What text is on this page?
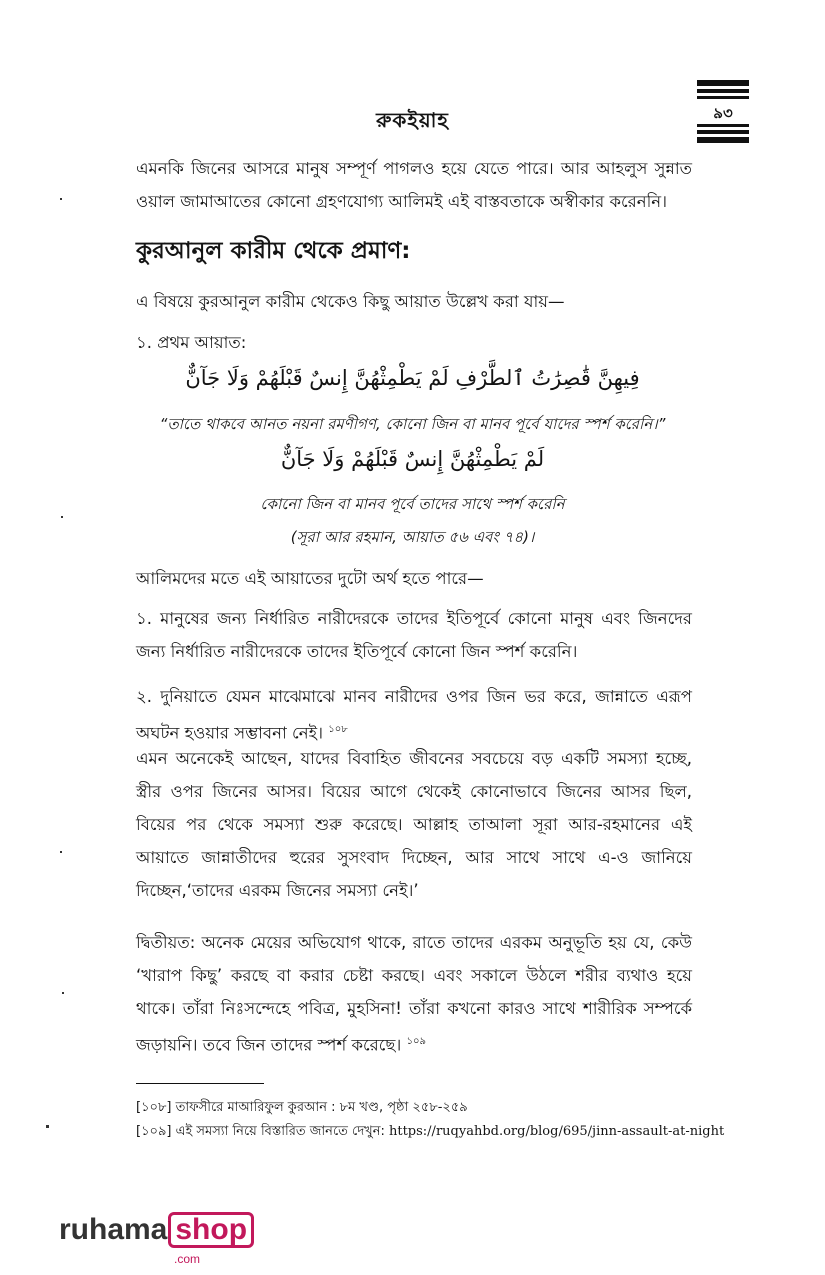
৯৩
রুকইয়াহ
এমনকি জিনের আসরে মানুষ সম্পূর্ণ পাগলও হয়ে যেতে পারে। আর আহলুস সুন্নাত ওয়াল জামাআতের কোনো গ্রহণযোগ্য আলিমই এই বাস্তবতাকে অস্বীকার করেননি।
কুরআনুল কারীম থেকে প্রমাণ:
এ বিষয়ে কুরআনুল কারীম থেকেও কিছু আয়াত উল্লেখ করা যায়—
১. প্রথম আয়াত:
فِيهِنَّ قَٰصِرَٰتُ ٱلطَّرْفِ لَمْ يَطْمِثْهُنَّ إِنسٌ قَبْلَهُمْ وَلَا جَآنٌّ
“তাতে থাকবে আনত নয়না রমণীগণ, কোনো জিন বা মানব পূর্বে যাদের স্পর্শ করেনি।”
لَمْ يَطْمِثْهُنَّ إِنسٌ قَبْلَهُمْ وَلَا جَآنٌّ
কোনো জিন বা মানব পূর্বে তাদের সাথে স্পর্শ করেনি
(সূরা আর রহমান, আয়াত ৫৬ এবং ৭৪)।
আলিমদের মতে এই আয়াতের দুটো অর্থ হতে পারে—
১. মানুষের জন্য নির্ধারিত নারীদেরকে তাদের ইতিপূর্বে কোনো মানুষ এবং জিনদের জন্য নির্ধারিত নারীদেরকে তাদের ইতিপূর্বে কোনো জিন স্পর্শ করেনি।
২. দুনিয়াতে যেমন মাঝেমাঝে মানব নারীদের ওপর জিন ভর করে, জান্নাতে এরূপ অঘটন হওয়ার সম্ভাবনা নেই। $^{১০৮}$
এমন অনেকেই আছেন, যাদের বিবাহিত জীবনের সবচেয়ে বড় একটি সমস্যা হচ্ছে, স্ত্রীর ওপর জিনের আসর। বিয়ের আগে থেকেই কোনোভাবে জিনের আসর ছিল, বিয়ের পর থেকে সমস্যা শুরু করেছে। আল্লাহ তাআলা সূরা আর-রহমানের এই আয়াতে জান্নাতীদের হুরের সুসংবাদ দিচ্ছেন, আর সাথে সাথে এ-ও জানিয়ে দিচ্ছেন,‘তাদের এরকম জিনের সমস্যা নেই।’
দ্বিতীয়ত: অনেক মেয়ের অভিযোগ থাকে, রাতে তাদের এরকম অনুভূতি হয় যে, কেউ ‘খারাপ কিছু’ করছে বা করার চেষ্টা করছে। এবং সকালে উঠলে শরীর ব্যথাও হয়ে থাকে। তাঁরা নিঃসন্দেহে পবিত্র, মুহসিনা! তাঁরা কখনো কারও সাথে শারীরিক সম্পর্কে জড়ায়নি। তবে জিন তাদের স্পর্শ করেছে। $^{১০৯}$
[১০৮] তাফসীরে মাআরিফুল কুরআন : ৮ম খণ্ড, পৃষ্ঠা ২৫৮-২৫৯
[১০৯] এই সমস্যা নিয়ে বিস্তারিত জানতে দেখুন: https://ruqyahbd.org/blog/695/jinn-assault-at-night
ruhama shop
.com
